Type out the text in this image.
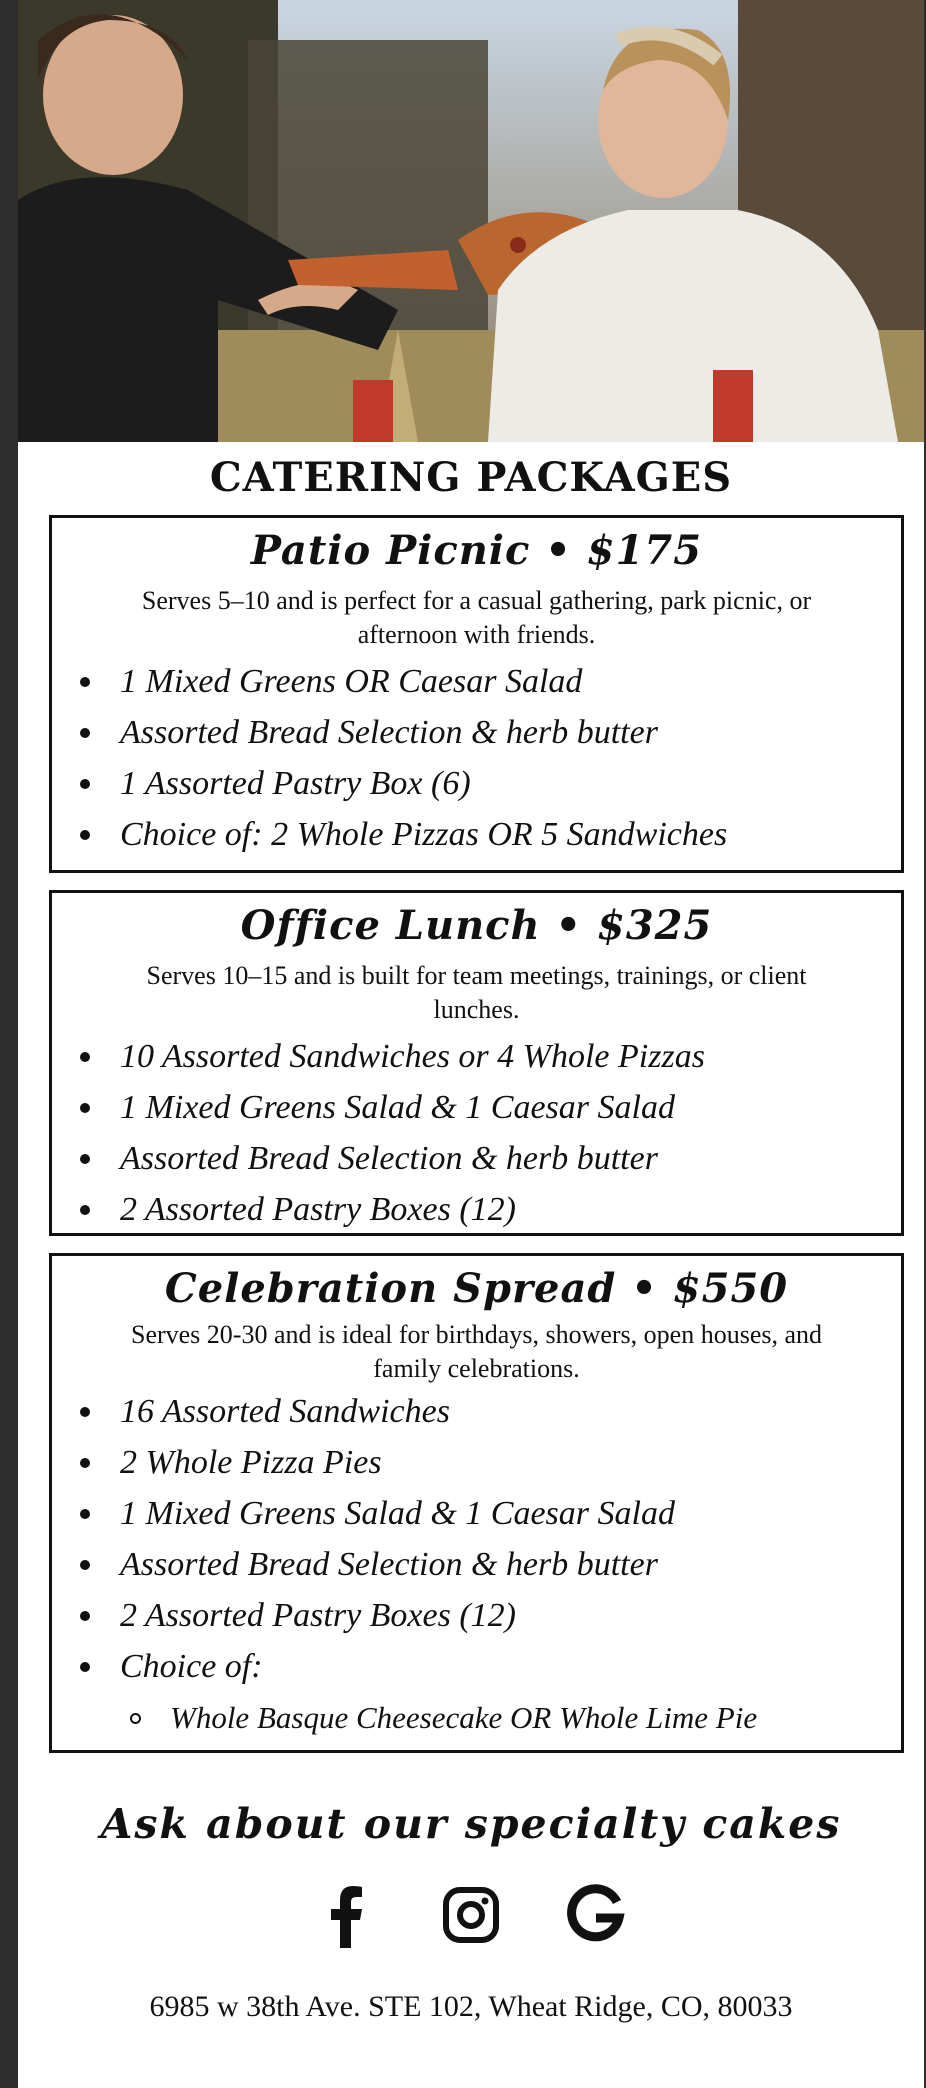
CATERING PACKAGES
Patio Picnic • $175
Serves 5–10 and is perfect for a casual gathering, park picnic, or afternoon with friends.
1 Mixed Greens OR Caesar Salad
Assorted Bread Selection & herb butter
1 Assorted Pastry Box (6)
Choice of: 2 Whole Pizzas OR 5 Sandwiches
Office Lunch • $325
Serves 10–15 and is built for team meetings, trainings, or client lunches.
10 Assorted Sandwiches or 4 Whole Pizzas
1 Mixed Greens Salad & 1 Caesar Salad
Assorted Bread Selection & herb butter
2 Assorted Pastry Boxes (12)
Celebration Spread • $550
Serves 20-30 and is ideal for birthdays, showers, open houses, and family celebrations.
16 Assorted Sandwiches
2 Whole Pizza Pies
1 Mixed Greens Salad & 1 Caesar Salad
Assorted Bread Selection & herb butter
2 Assorted Pastry Boxes (12)
Choice of:
Whole Basque Cheesecake OR Whole Lime Pie
Ask about our specialty cakes
6985 w 38th Ave. STE 102, Wheat Ridge, CO, 80033
